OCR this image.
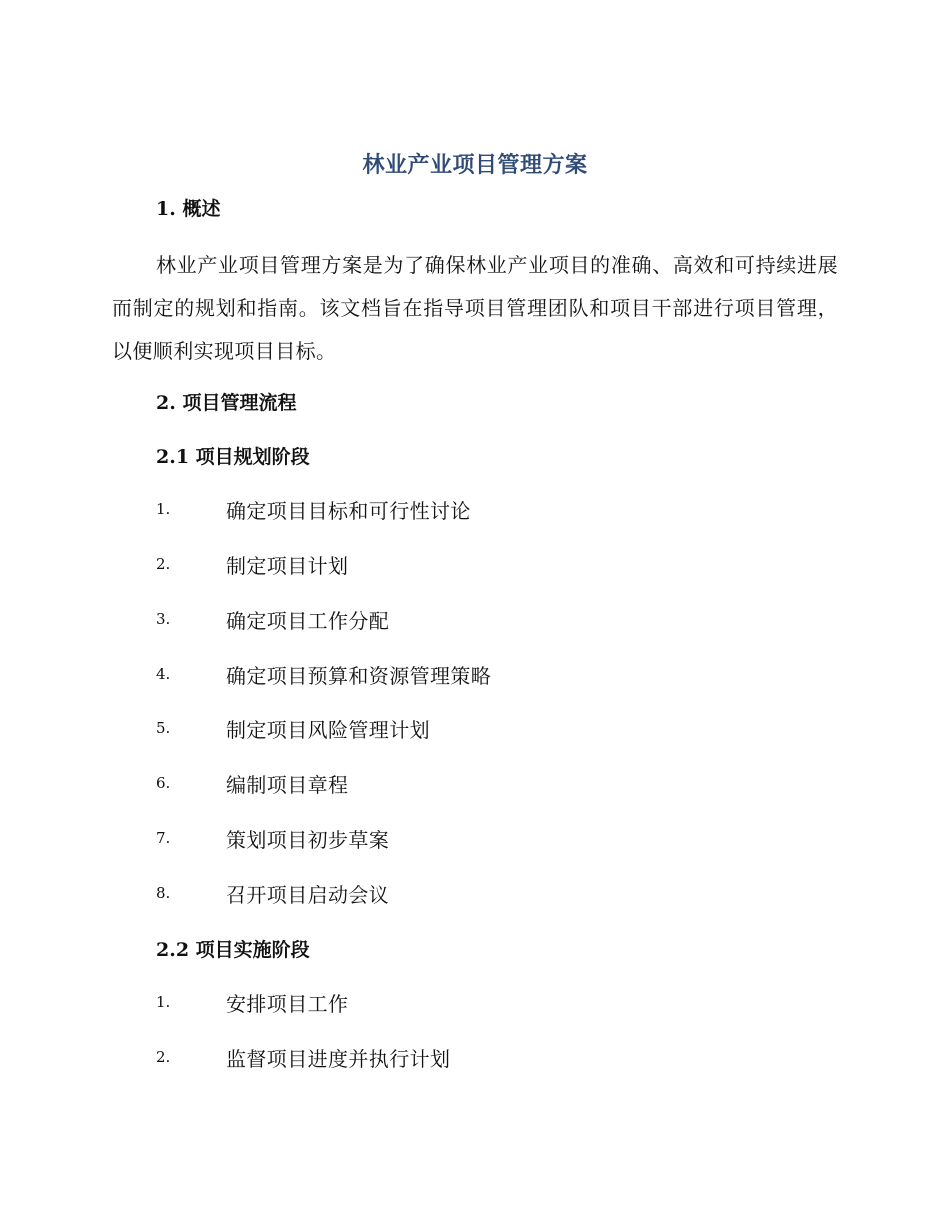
林业产业项目管理方案
1. 概述
林业产业项目管理方案是为了确保林业产业项目的准确、高效和可持续进展而制定的规划和指南。该文档旨在指导项目管理团队和项目干部进行项目管理，以便顺利实现项目目标。
2. 项目管理流程
2.1 项目规划阶段
1.	确定项目目标和可行性讨论
2.	制定项目计划
3.	确定项目工作分配
4.	确定项目预算和资源管理策略
5.	制定项目风险管理计划
6.	编制项目章程
7.	策划项目初步草案
8.	召开项目启动会议
2.2 项目实施阶段
1.	安排项目工作
2.	监督项目进度并执行计划
